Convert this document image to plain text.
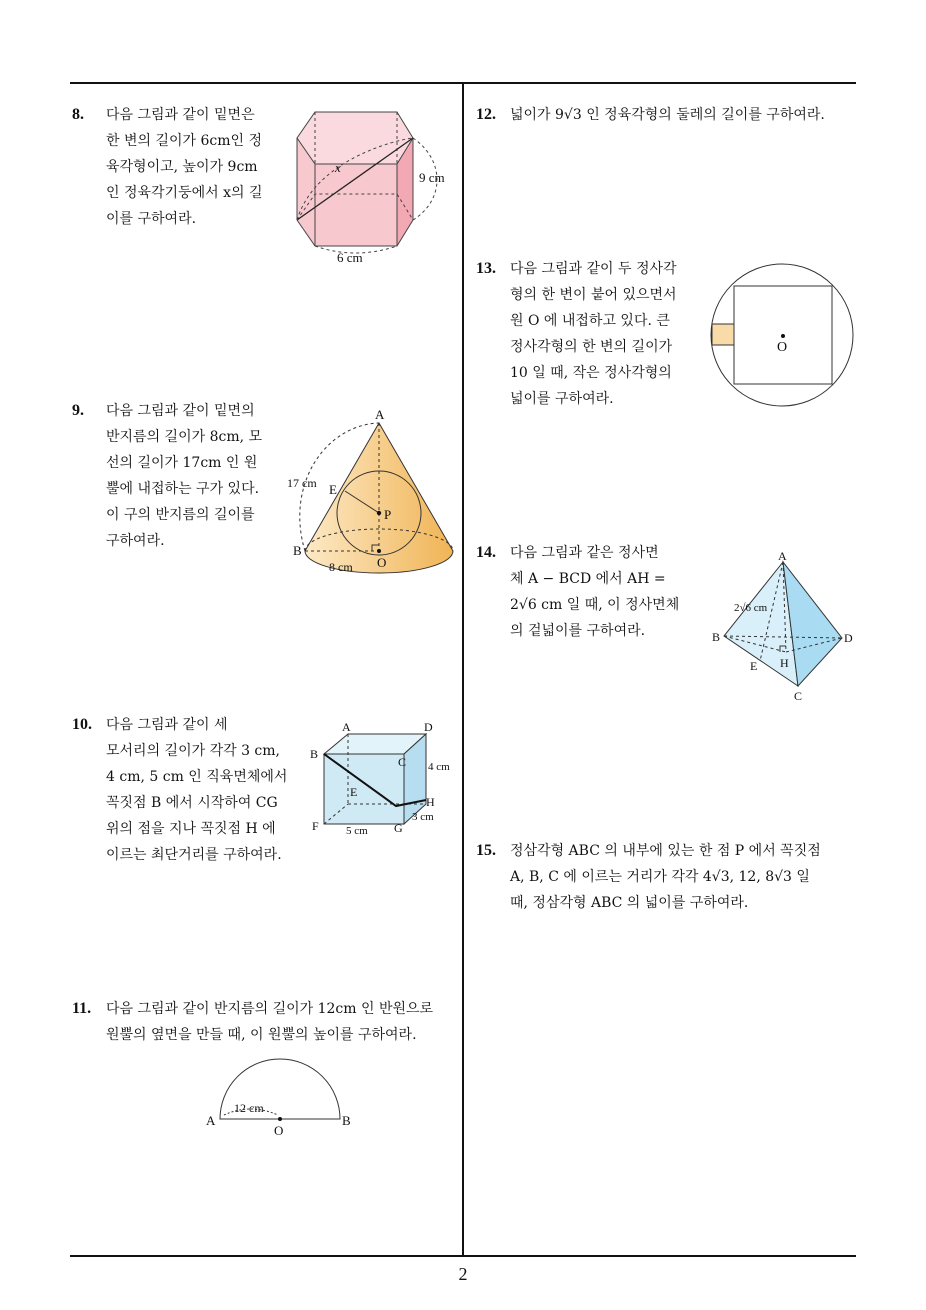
8. 다음 그림과 같이 밑면은
한 변의 길이가 6cm인 정
육각형이고, 높이가 9cm
인 정육각기둥에서 x의 길
이를 구하여라.
x
9 cm
6 cm
9. 다음 그림과 같이 밑면의
반지름의 길이가 8cm, 모
선의 길이가 17cm 인 원
뿔에 내접하는 구가 있다.
이 구의 반지름의 길이를
구하여라.
A
E
P
B
O
17 cm
8 cm
10. 다음 그림과 같이 세
모서리의 길이가 각각 3 cm,
4 cm, 5 cm 인 직육면체에서
꼭짓점 B 에서 시작하여 CG
위의 점을 지나 꼭짓점 H 에
이르는 최단거리를 구하여라.
A	D
B
C
E
H
F	G
4 cm
3 cm
5 cm
11. 다음 그림과 같이 반지름의 길이가 12cm 인 반원으로
원뿔의 옆면을 만들 때, 이 원뿔의 높이를 구하여라.
A	B
O
12 cm
12. 넓이가 9√3 인 정육각형의 둘레의 길이를 구하여라.
13. 다음 그림과 같이 두 정사각
형의 한 변이 붙어 있으면서
원 O 에 내접하고 있다. 큰
정사각형의 한 변의 길이가
10 일 때, 작은 정사각형의
넓이를 구하여라.
O
14. 다음 그림과 같은 정사면
체 A − BCD 에서 AH =
2√6 cm 일 때, 이 정사면체
의 겉넓이를 구하여라.
A
B	D
E H
C
2√6 cm
15. 정삼각형 ABC 의 내부에 있는 한 점 P 에서 꼭짓점
A, B, C 에 이르는 거리가 각각 4√3, 12, 8√3 일
때, 정삼각형 ABC 의 넓이를 구하여라.
2
